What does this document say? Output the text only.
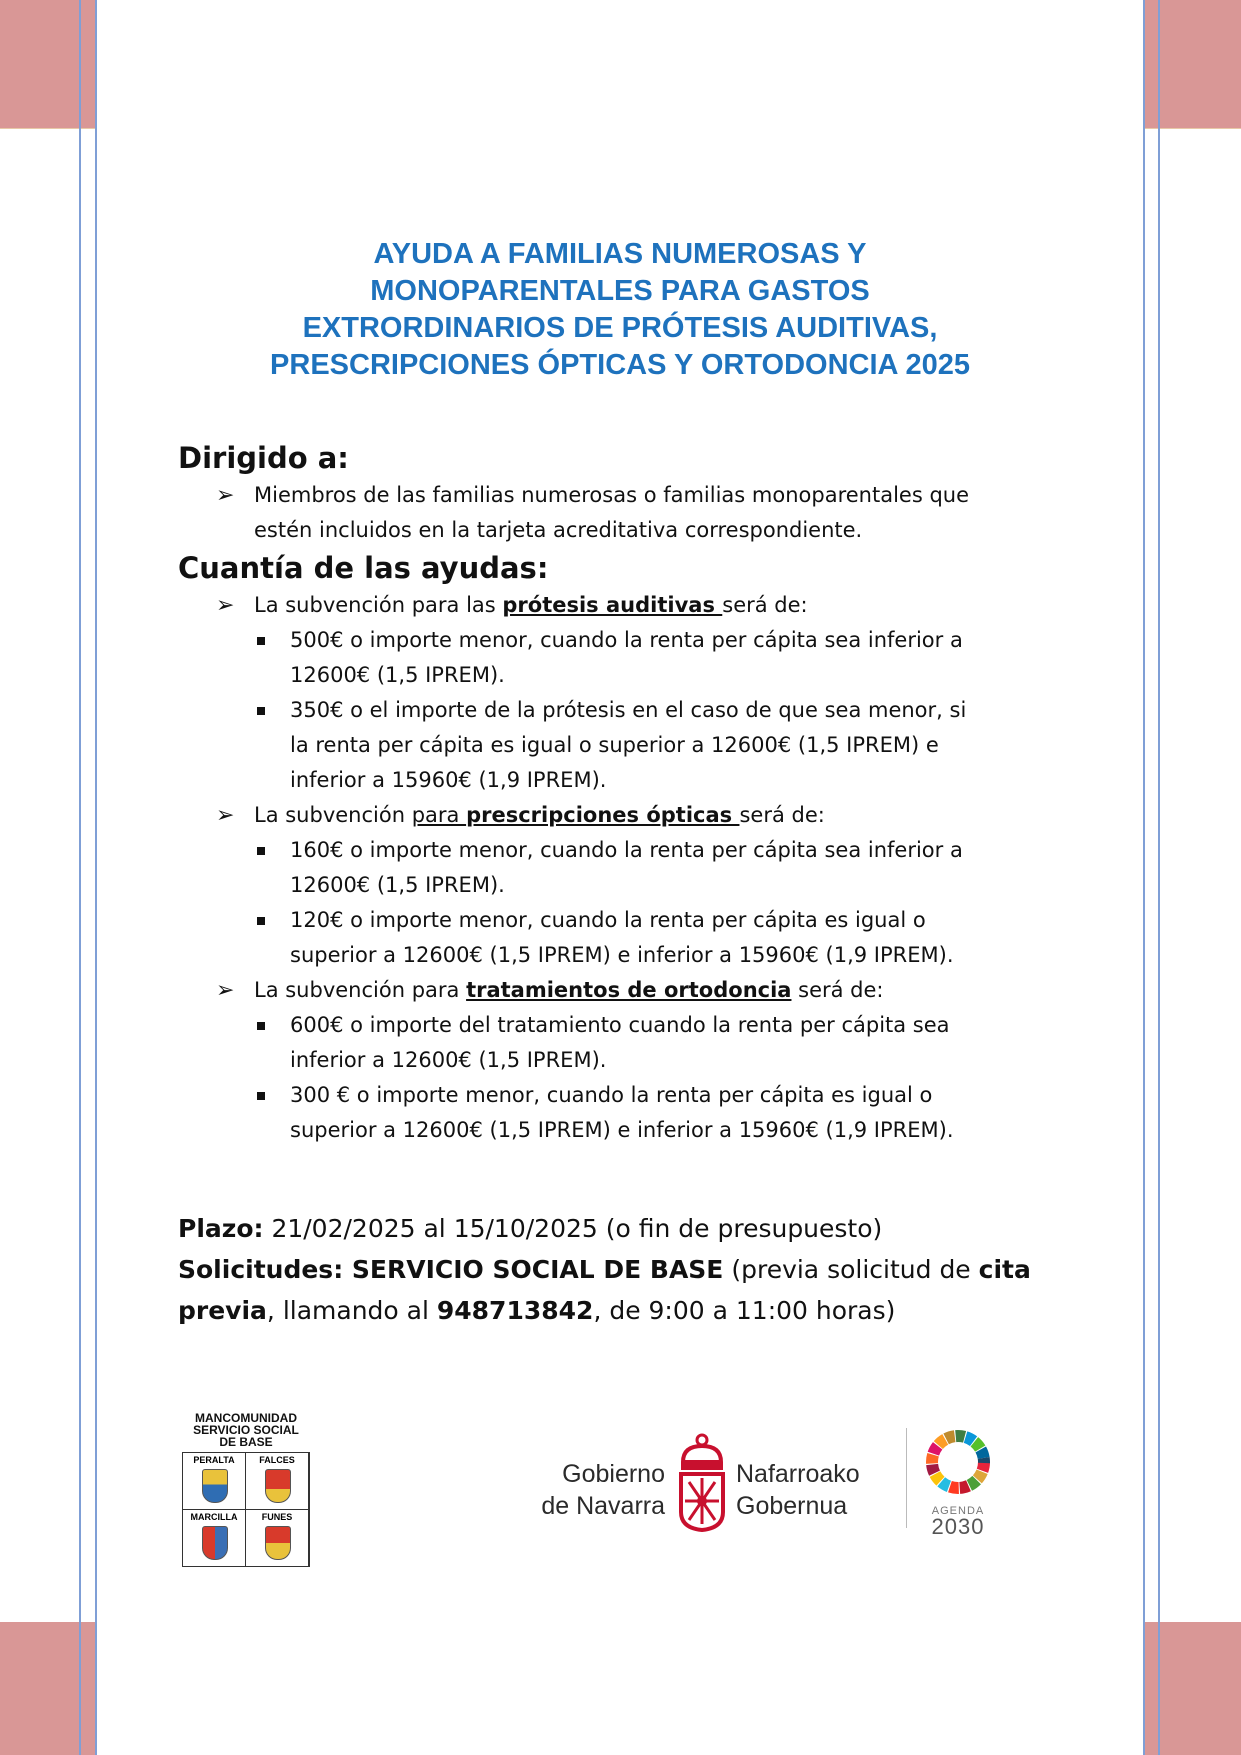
AYUDA A FAMILIAS NUMEROSAS Y
MONOPARENTALES PARA GASTOS
EXTRORDINARIOS DE PRÓTESIS AUDITIVAS,
PRESCRIPCIONES ÓPTICAS Y ORTODONCIA 2025
Dirigido a:
➢ Miembros de las familias numerosas o familias monoparentales que
estén incluidos en la tarjeta acreditativa correspondiente.
Cuantía de las ayudas:
➢ La subvención para las prótesis auditivas será de:
500€ o importe menor, cuando la renta per cápita sea inferior a
12600€ (1,5 IPREM).
350€ o el importe de la prótesis en el caso de que sea menor, si
la renta per cápita es igual o superior a 12600€ (1,5 IPREM) e
inferior a 15960€ (1,9 IPREM).
➢ La subvención para prescripciones ópticas será de:
160€ o importe menor, cuando la renta per cápita sea inferior a
12600€ (1,5 IPREM).
120€ o importe menor, cuando la renta per cápita es igual o
superior a 12600€ (1,5 IPREM) e inferior a 15960€ (1,9 IPREM).
➢ La subvención para tratamientos de ortodoncia será de:
600€ o importe del tratamiento cuando la renta per cápita sea
inferior a 12600€ (1,5 IPREM).
300 € o importe menor, cuando la renta per cápita es igual o
superior a 12600€ (1,5 IPREM) e inferior a 15960€ (1,9 IPREM).
Plazo: 21/02/2025 al 15/10/2025 (o fin de presupuesto)
Solicitudes: SERVICIO SOCIAL DE BASE (previa solicitud de cita previa, llamando al 948713842, de 9:00 a 11:00 horas)
MANCOMUNIDAD
SERVICIO SOCIAL
DE BASE
PERALTA	FALCES
MARCILLA	FUNES
Gobierno
de Navarra
Nafarroako
Gobernua	AGENDA
2030
